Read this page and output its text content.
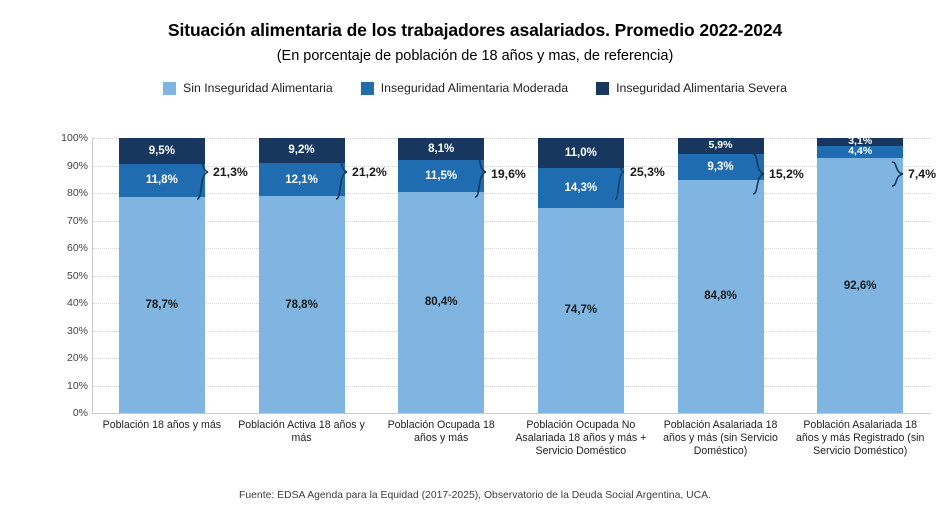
Situación alimentaria de los trabajadores asalariados. Promedio 2022-2024
(En porcentaje de población de 18 años y mas, de referencia)
Sin Inseguridad Alimentaria	Inseguridad Alimentaria Moderada	Inseguridad Alimentaria Severa
100%
90%
80%
70%
60%
50%
40%
30%
20%
10%
0%
9,5%
11,8%
78,7%
9,2%
12,1%
78,8%
8,1%
11,5%
80,4%
11,0%
14,3%
74,7%
5,9%
9,3%
84,8%
3,1%
4,4%
92,6%
21,3%	21,2%	19,6%	25,3%	15,2%	7,4%
Población 18 años y más	Población Activa 18 años y más
Población Ocupada 18 años y más
Población Ocupada No Asalariada 18 años y más + Servicio Doméstico
Población Asalariada 18 años y más (sin Servicio Doméstico)
Población Asalariada 18 años y más Registrado (sin Servicio Doméstico)
Fuente: EDSA Agenda para la Equidad (2017-2025), Observatorio de la Deuda Social Argentina, UCA.
